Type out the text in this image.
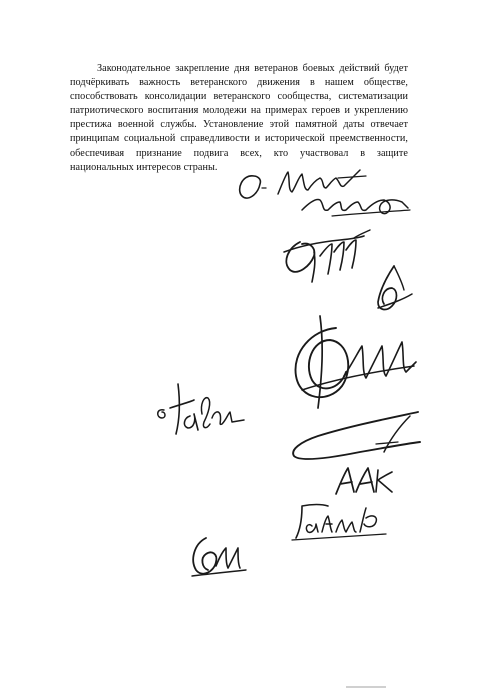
Законодательное закрепление дня ветеранов боевых действий будет подчёркивать важность ветеранского движения в нашем обществе, способствовать консолидации ветеранского сообщества, систематизации патриотического воспитания молодежи на примерах героев и укреплению престижа военной службы. Установление этой памятной даты отвечает принципам социальной справедливости и исторической преемственности, обеспечивая признание подвига всех, кто участвовал в защите национальных интересов страны.
